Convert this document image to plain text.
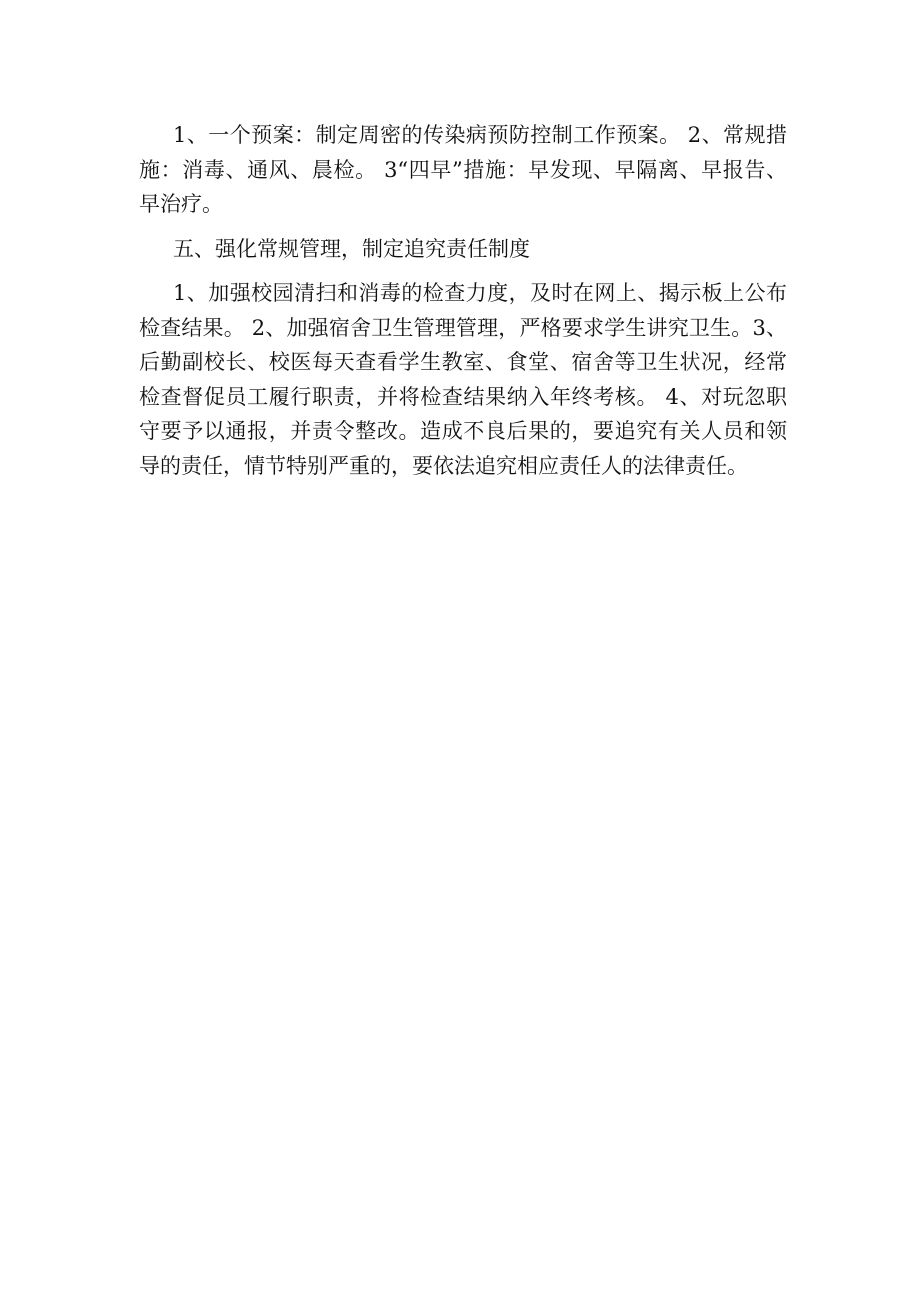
1、一个预案：制定周密的传染病预防控制工作预案。 2、常规措施：消毒、通风、晨检。 3“四早”措施：早发现、早隔离、早报告、早治疗。

五、强化常规管理，制定追究责任制度

1、加强校园清扫和消毒的检查力度，及时在网上、揭示板上公布检查结果。 2、加强宿舍卫生管理管理，严格要求学生讲究卫生。3、后勤副校长、校医每天查看学生教室、食堂、宿舍等卫生状况，经常检查督促员工履行职责，并将检查结果纳入年终考核。 4、对玩忽职守要予以通报，并责令整改。造成不良后果的，要追究有关人员和领导的责任，情节特别严重的，要依法追究相应责任人的法律责任。
